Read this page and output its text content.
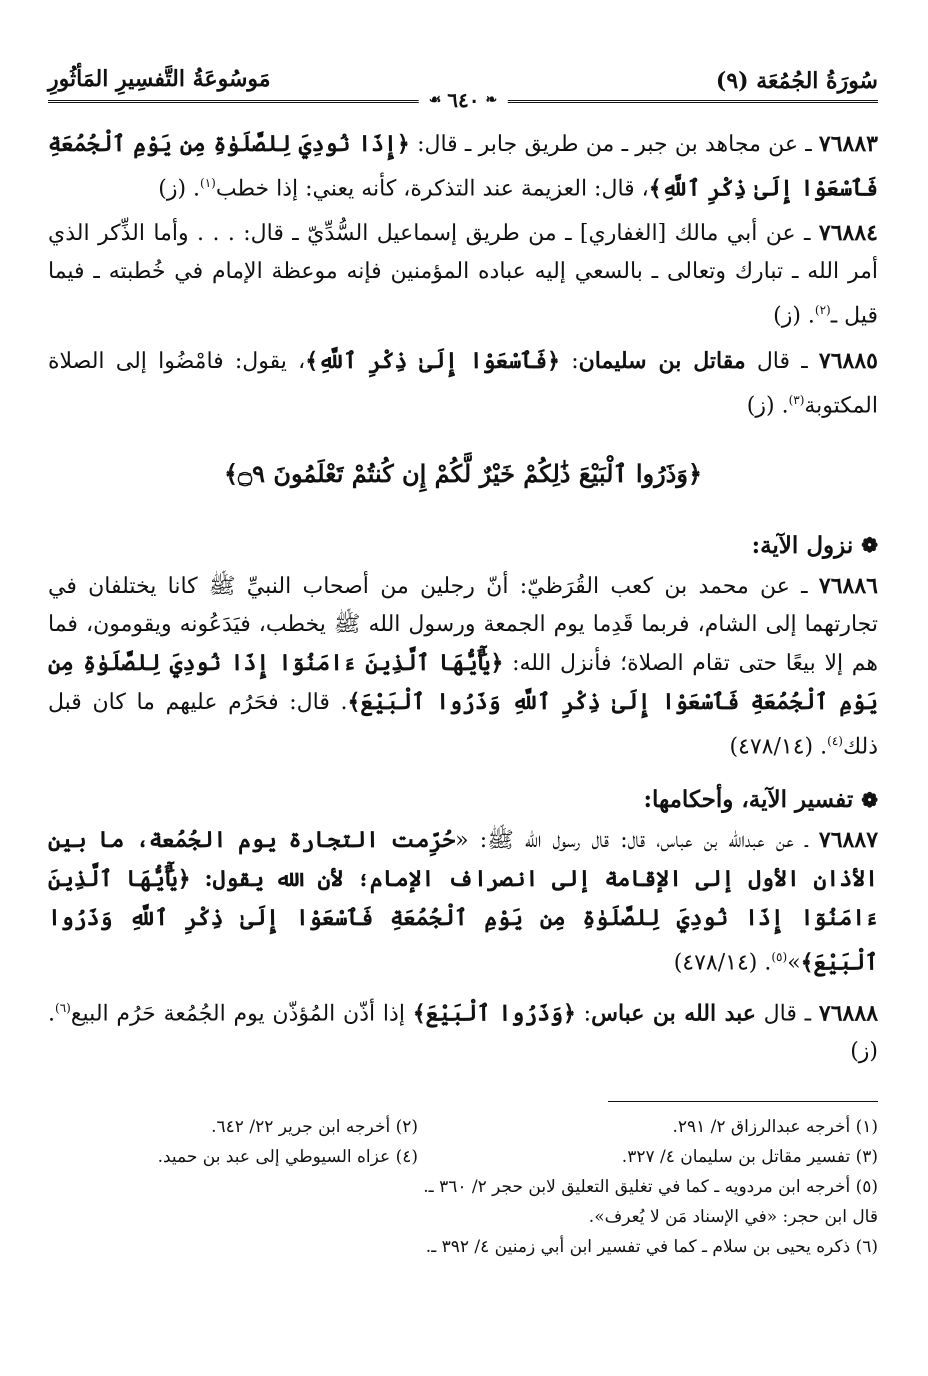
سُورَةُ الجُمُعَة (٩)
مَوسُوعَةُ التَّفسِيرِ المَأثُورِ
❧
٦٤٠
☙

٧٦٨٨٣ ـ عن مجاهد بن جبر ـ من طريق جابر ـ قال: ﴿إِذَا نُودِيَ لِلصَّلَوٰةِ مِن يَوْمِ ٱلْجُمُعَةِ فَٱسْعَوْا إِلَىٰ ذِكْرِ ٱللَّهِ﴾، قال: العزيمة عند التذكرة، كأنه يعني: إذا خطب$^{(١)}$. (ز)

٧٦٨٨٤ ـ عن أبي مالك [الغفاري] ـ من طريق إسماعيل السُّدِّيّ ـ قال: . . . وأما الذِّكر الذي أمر الله ـ تبارك وتعالى ـ بالسعي إليه عباده المؤمنين فإنه موعظة الإمام في خُطبته ـ فيما قيل ـ$^{(٢)}$. (ز)

٧٦٨٨٥ ـ قال مقاتل بن سليمان: ﴿فَٱسْعَوْا إِلَىٰ ذِكْرِ ٱللَّهِ﴾، يقول: فامْضُوا إلى الصلاة المكتوبة$^{(٣)}$. (ز)

﴿وَذَرُوا ٱلْبَيْعَ ذَٰلِكُمْ خَيْرٌ لَّكُمْ إِن كُنتُمْ تَعْلَمُونَ ۝٩﴾
❁
نزول الآية:

٧٦٨٨٦ ـ عن محمد بن كعب القُرَظيّ: أنّ رجلين من أصحاب النبيِّ ﷺ كانا يختلفان في تجارتهما إلى الشام، فربما قَدِما يوم الجمعة ورسول الله ﷺ يخطب، فيَدَعُونه ويقومون، فما هم إلا بيعًا حتى تقام الصلاة؛ فأنزل الله: ﴿يَٰٓأَيُّهَا ٱلَّذِينَ ءَامَنُوٓا إِذَا نُودِيَ لِلصَّلَوٰةِ مِن يَوْمِ ٱلْجُمُعَةِ فَٱسْعَوْا إِلَىٰ ذِكْرِ ٱللَّهِ وَذَرُوا ٱلْبَيْعَ﴾. قال: فحَرُم عليهم ما كان قبل ذلك$^{(٤)}$. (٤٧٨/١٤)

❁
تفسير الآية، وأحكامها:

٧٦٨٨٧ ـ عن عبدالله بن عباس، قال: قال رسول الله ﷺ: «حُرِّمت التجارة يوم الجُمُعة، ما بين الأذان الأول إلى الإقامة إلى انصراف الإمام؛ لأن الله يقول: ﴿يَٰٓأَيُّهَا ٱلَّذِينَ ءَامَنُوٓا إِذَا نُودِيَ لِلصَّلَوٰةِ مِن يَوْمِ ٱلْجُمُعَةِ فَٱسْعَوْا إِلَىٰ ذِكْرِ ٱللَّهِ وَذَرُوا ٱلْبَيْعَ﴾»$^{(٥)}$. (٤٧٨/١٤)

٧٦٨٨٨ ـ قال عبد الله بن عباس: ﴿وَذَرُوا ٱلْبَيْعَ﴾ إذا أذّن المُؤذّن يوم الجُمُعة حَرُم البيع$^{(٦)}$. (ز)

(١) أخرجه عبدالرزاق ٢/ ٢٩١.
(٢) أخرجه ابن جرير ٢٢/ ٦٤٢.
(٣) تفسير مقاتل بن سليمان ٤/ ٣٢٧.
(٤) عزاه السيوطي إلى عبد بن حميد.
(٥) أخرجه ابن مردويه ـ كما في تغليق التعليق لابن حجر ٢/ ٣٦٠ ـ.
قال ابن حجر: «في الإسناد مَن لا يُعرف».
(٦) ذكره يحيى بن سلام ـ كما في تفسير ابن أبي زمنين ٤/ ٣٩٢ ـ.
